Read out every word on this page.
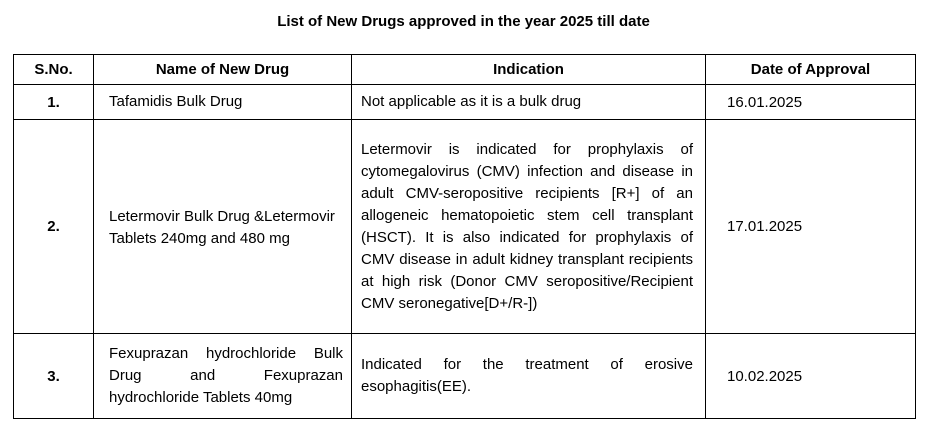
List of New Drugs approved in the year 2025 till date
S.No.	Name of New Drug	Indication	Date of Approval
1.	Tafamidis Bulk Drug	Not applicable as it is a bulk drug	16.01.2025
2.	Letermovir Bulk Drug &Letermovir Tablets 240mg and 480 mg	Letermovir is indicated for prophylaxis of cytomegalovirus (CMV) infection and disease in adult CMV-seropositive recipients [R+] of an allogeneic hematopoietic stem cell transplant (HSCT). It is also indicated for prophylaxis of CMV disease in adult kidney transplant recipients at high risk (Donor CMV seropositive/Recipient CMV seronegative[D+/R-])	17.01.2025
3.	Fexuprazan hydrochloride Bulk Drug and Fexuprazan hydrochloride Tablets 40mg	Indicated for the treatment of erosive esophagitis(EE).	10.02.2025
